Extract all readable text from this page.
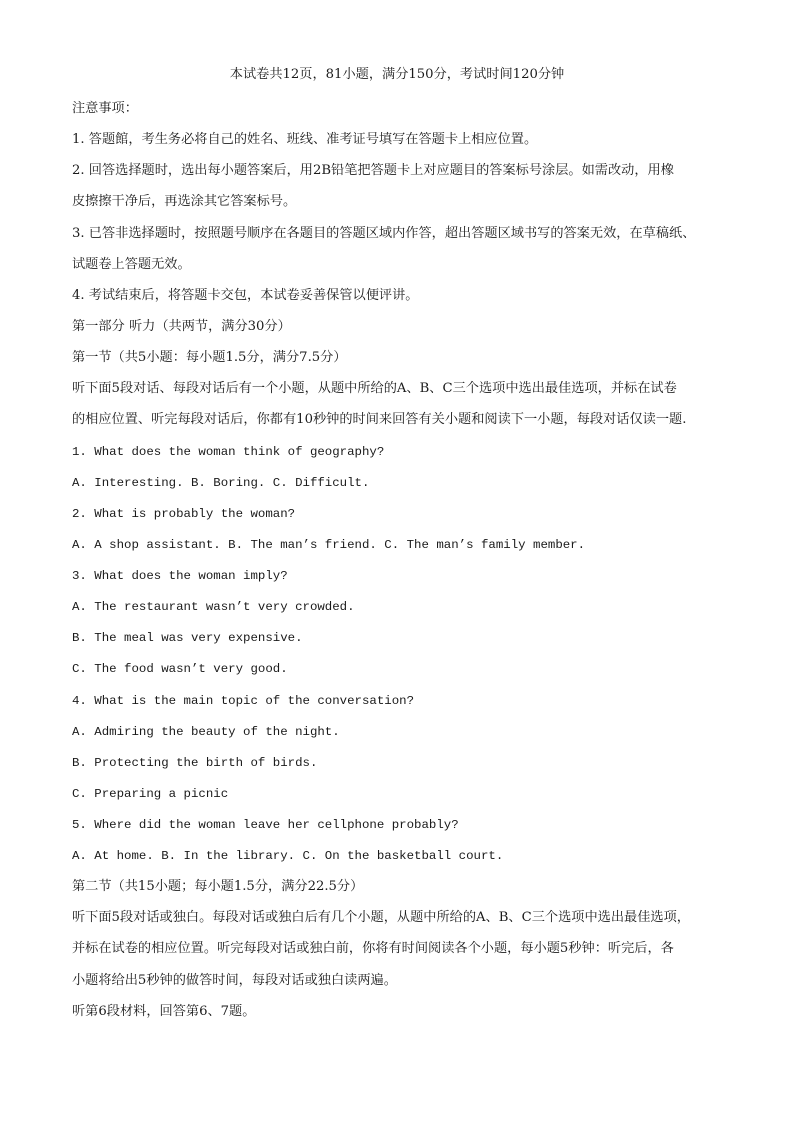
本试卷共12页，81小题，满分150分，考试时间120分钟
注意事项：
1. 答题館，考生务必将自己的姓名、班线、准考证号填写在答题卡上相应位置。
2. 回答选择题时，选出每小题答案后，用2B铅笔把答题卡上对应题目的答案标号涂层。如需改动，用橡
皮擦擦干净后，再选涂其它答案标号。
3. 已答非选择题时，按照题号顺序在各题目的答题区域内作答，超出答题区域书写的答案无效，在草稿纸、
试题卷上答题无效。
4. 考试结束后，将答题卡交包，本试卷妥善保管以便评讲。
第一部分 听力（共两节，满分30分）
第一节（共5小题：每小题1.5分，满分7.5分）
听下面5段对话、每段对话后有一个小题，从题中所给的A、B、C三个选项中选出最佳选项，并标在试卷
的相应位置、听完每段对话后，你都有10秒钟的时间来回答有关小题和阅读下一小题，每段对话仅读一题.
1. What does the woman think of geography?
A. Interesting. B. Boring. C. Difficult.
2. What is probably the woman?
A. A shop assistant. B. The man’s friend. C. The man’s family member.
3. What does the woman imply?
A. The restaurant wasn’t very crowded.
B. The meal was very expensive.
C. The food wasn’t very good.
4. What is the main topic of the conversation?
A. Admiring the beauty of the night.
B. Protecting the birth of birds.
C. Preparing a picnic
5. Where did the woman leave her cellphone probably?
A. At home. B. In the library. C. On the basketball court.
第二节（共15小题；每小题1.5分，满分22.5分）
听下面5段对话或独白。每段对话或独白后有几个小题，从题中所给的A、B、C三个选项中选出最佳选项，
并标在试卷的相应位置。听完每段对话或独白前，你将有时间阅读各个小题，每小题5秒钟：听完后，各
小题将给出5秒钟的做答时间，每段对话或独白读两遍。
听第6段材料，回答第6、7题。
